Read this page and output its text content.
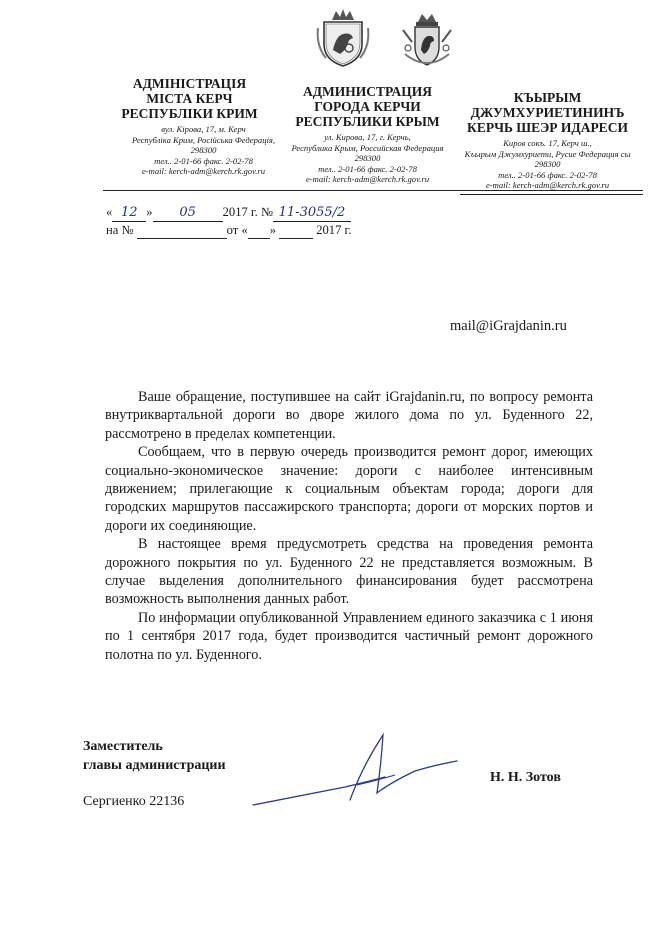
АДМІНІСТРАЦІЯ
МІСТА КЕРЧ
РЕСПУБЛІКИ КРИМ
вул. Кірова, 17, м. Керч
Республіка Крим, Російська Федерація,
298300
тел.. 2-01-66 факс. 2-02-78
e-mail: kerch-adm@kerch.rk.gov.ru
АДМИНИСТРАЦИЯ
ГОРОДА КЕРЧИ
РЕСПУБЛИКИ КРЫМ
ул. Кирова, 17, г. Керчь,
Республика Крым, Российская Федерация
298300
тел.. 2-01-66 факс. 2-02-78
e-mail: kerch-adm@kerch.rk.gov.ru
КЪЫРЫМ
ДЖУМХУРИЕТИНИНЪ
КЕРЧЬ ШЕЭР ИДАРЕСИ
Киров сокъ. 17, Керч ш.,
Къырым Джумхуриети, Русие Федерация сы
298300
тел.. 2-01-66 факс. 2-02-78
e-mail: kerch-adm@kerch.rk.gov.ru
« 12 » 05 2017 г. № 11-3055/2
на №	от « »	2017 г.
mail@iGrajdanin.ru

Ваше обращение, поступившее на сайт iGrajdanin.ru, по вопросу ремонта внутриквартальной дороги во дворе жилого дома по ул. Буденного 22, рассмотрено в пределах компетенции.

Сообщаем, что в первую очередь производится ремонт дорог, имеющих социально-экономическое значение: дороги с наиболее интенсивным движением; прилегающие к социальным объектам города; дороги для городских маршрутов пассажирского транспорта; дороги от морских портов и дороги их соединяющие.

В настоящее время предусмотреть средства на проведения ремонта дорожного покрытия по ул. Буденного 22 не представляется возможным. В случае выделения дополнительного финансирования будет рассмотрена возможность выполнения данных работ.

По информации опубликованной Управлением единого заказчика с 1 июня по 1 сентября 2017 года, будет производится частичный ремонт дорожного полотна по ул. Буденного.

Заместитель
главы администрации
Н. Н. Зотов
Сергиенко 22136
